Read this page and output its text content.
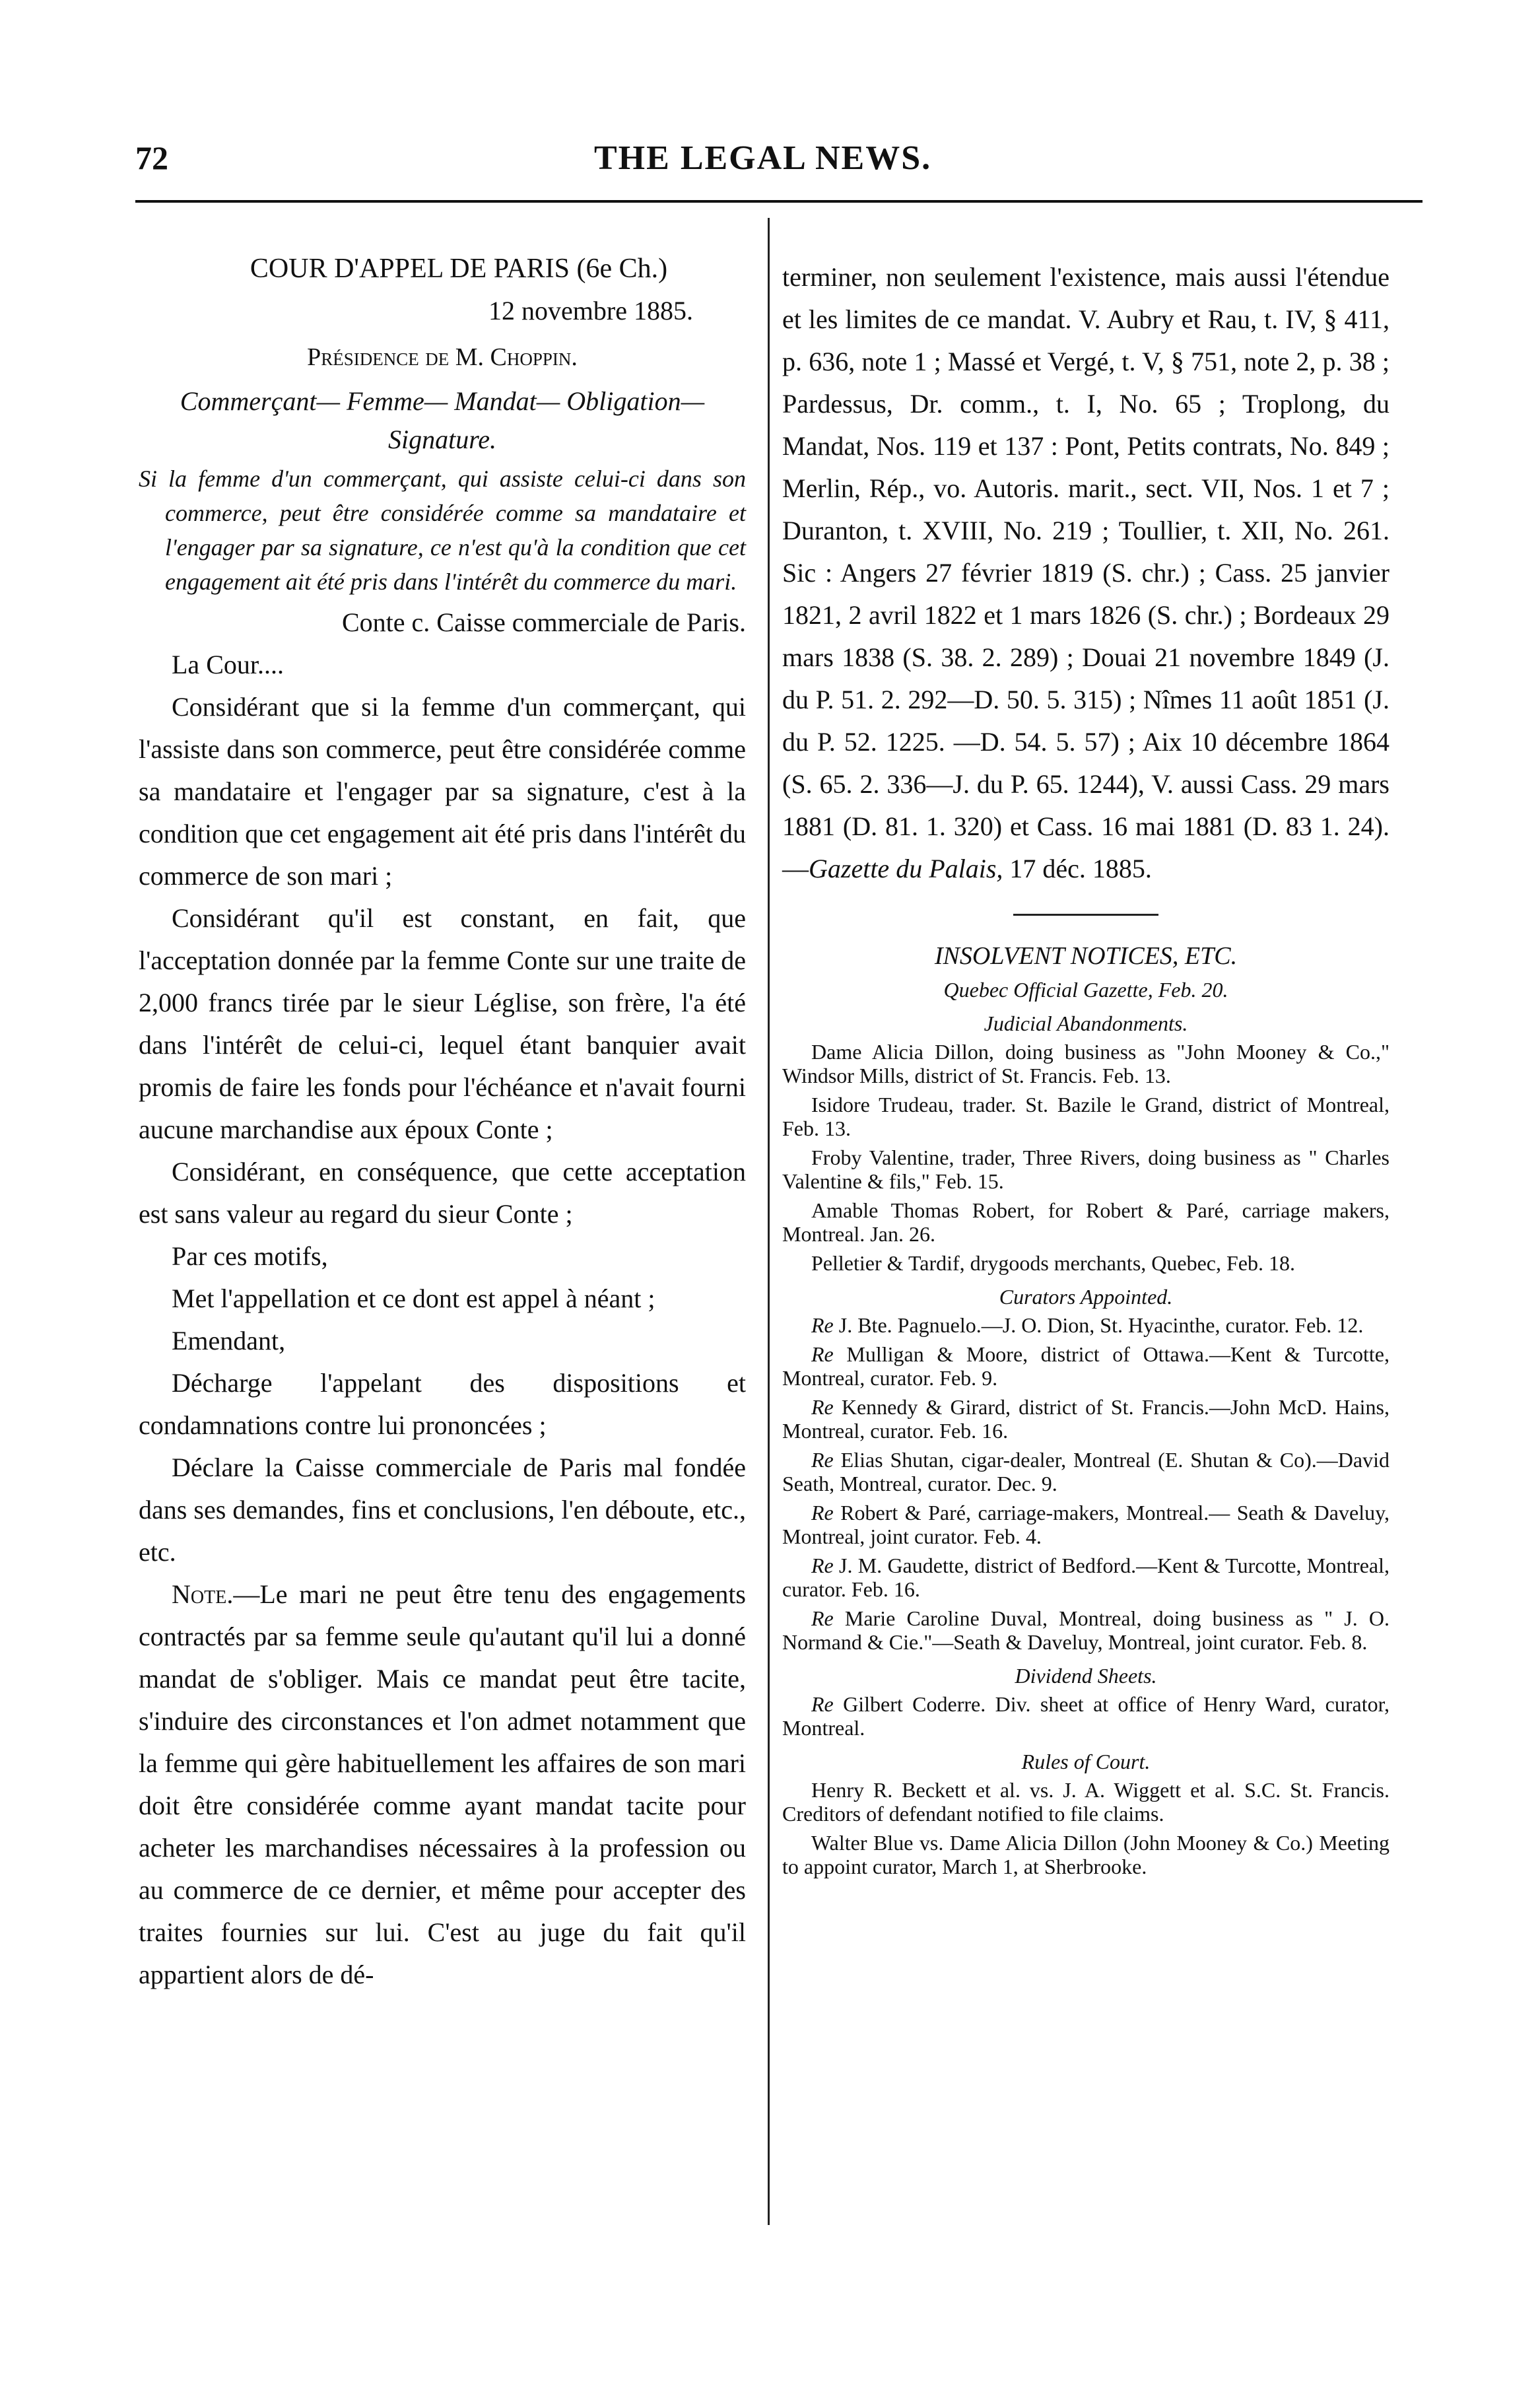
72	THE LEGAL NEWS.
COUR D'APPEL DE PARIS (6e Ch.)
12 novembre 1885.
Présidence de M. Choppin.
Commerçant— Femme— Mandat— Obligation— Signature.
Si la femme d'un commerçant, qui assiste celui-ci dans son commerce, peut être considérée comme sa mandataire et l'engager par sa signature, ce n'est qu'à la condition que cet engagement ait été pris dans l'intérêt du commerce du mari.
Conte c. Caisse commerciale de Paris.

La Cour....

Considérant que si la femme d'un commerçant, qui l'assiste dans son commerce, peut être considérée comme sa mandataire et l'engager par sa signature, c'est à la condition que cet engagement ait été pris dans l'intérêt du commerce de son mari ;

Considérant qu'il est constant, en fait, que l'acceptation donnée par la femme Conte sur une traite de 2,000 francs tirée par le sieur Léglise, son frère, l'a été dans l'intérêt de celui-ci, lequel étant banquier avait promis de faire les fonds pour l'échéance et n'avait fourni aucune marchandise aux époux Conte ;

Considérant, en conséquence, que cette acceptation est sans valeur au regard du sieur Conte ;

Par ces motifs,

Met l'appellation et ce dont est appel à néant ;

Emendant,

Décharge l'appelant des dispositions et condamnations contre lui prononcées ;

Déclare la Caisse commerciale de Paris mal fondée dans ses demandes, fins et conclusions, l'en déboute, etc., etc.

Note.—Le mari ne peut être tenu des engagements contractés par sa femme seule qu'autant qu'il lui a donné mandat de s'obliger. Mais ce mandat peut être tacite, s'induire des circonstances et l'on admet notamment que la femme qui gère habituellement les affaires de son mari doit être considérée comme ayant mandat tacite pour acheter les marchandises nécessaires à la profession ou au commerce de ce dernier, et même pour accepter des traites fournies sur lui. C'est au juge du fait qu'il appartient alors de dé-

terminer, non seulement l'existence, mais aussi l'étendue et les limites de ce mandat. V. Aubry et Rau, t. IV, § 411, p. 636, note 1 ; Massé et Vergé, t. V, § 751, note 2, p. 38 ; Pardessus, Dr. comm., t. I, No. 65 ; Troplong, du Mandat, Nos. 119 et 137 : Pont, Petits contrats, No. 849 ; Merlin, Rép., vo. Autoris. marit., sect. VII, Nos. 1 et 7 ; Duranton, t. XVIII, No. 219 ; Toullier, t. XII, No. 261. Sic : Angers 27 février 1819 (S. chr.) ; Cass. 25 janvier 1821, 2 avril 1822 et 1 mars 1826 (S. chr.) ; Bordeaux 29 mars 1838 (S. 38. 2. 289) ; Douai 21 novembre 1849 (J. du P. 51. 2. 292—D. 50. 5. 315) ; Nîmes 11 août 1851 (J. du P. 52. 1225. —D. 54. 5. 57) ; Aix 10 décembre 1864 (S. 65. 2. 336—J. du P. 65. 1244), V. aussi Cass. 29 mars 1881 (D. 81. 1. 320) et Cass. 16 mai 1881 (D. 83 1. 24).—Gazette du Palais, 17 déc. 1885.
INSOLVENT NOTICES, ETC.
Quebec Official Gazette, Feb. 20.
Judicial Abandonments.

Dame Alicia Dillon, doing business as "John Mooney & Co.," Windsor Mills, district of St. Francis. Feb. 13.

Isidore Trudeau, trader. St. Bazile le Grand, district of Montreal, Feb. 13.

Froby Valentine, trader, Three Rivers, doing business as " Charles Valentine & fils," Feb. 15.

Amable Thomas Robert, for Robert & Paré, carriage makers, Montreal. Jan. 26.

Pelletier & Tardif, drygoods merchants, Quebec, Feb. 18.

Curators Appointed.

Re J. Bte. Pagnuelo.—J. O. Dion, St. Hyacinthe, curator. Feb. 12.

Re Mulligan & Moore, district of Ottawa.—Kent & Turcotte, Montreal, curator. Feb. 9.

Re Kennedy & Girard, district of St. Francis.—John McD. Hains, Montreal, curator. Feb. 16.

Re Elias Shutan, cigar-dealer, Montreal (E. Shutan & Co).—David Seath, Montreal, curator. Dec. 9.

Re Robert & Paré, carriage-makers, Montreal.— Seath & Daveluy, Montreal, joint curator. Feb. 4.

Re J. M. Gaudette, district of Bedford.—Kent & Turcotte, Montreal, curator. Feb. 16.

Re Marie Caroline Duval, Montreal, doing business as " J. O. Normand & Cie."—Seath & Daveluy, Montreal, joint curator. Feb. 8.

Dividend Sheets.

Re Gilbert Coderre. Div. sheet at office of Henry Ward, curator, Montreal.

Rules of Court.

Henry R. Beckett et al. vs. J. A. Wiggett et al. S.C. St. Francis. Creditors of defendant notified to file claims.

Walter Blue vs. Dame Alicia Dillon (John Mooney & Co.) Meeting to appoint curator, March 1, at Sherbrooke.
